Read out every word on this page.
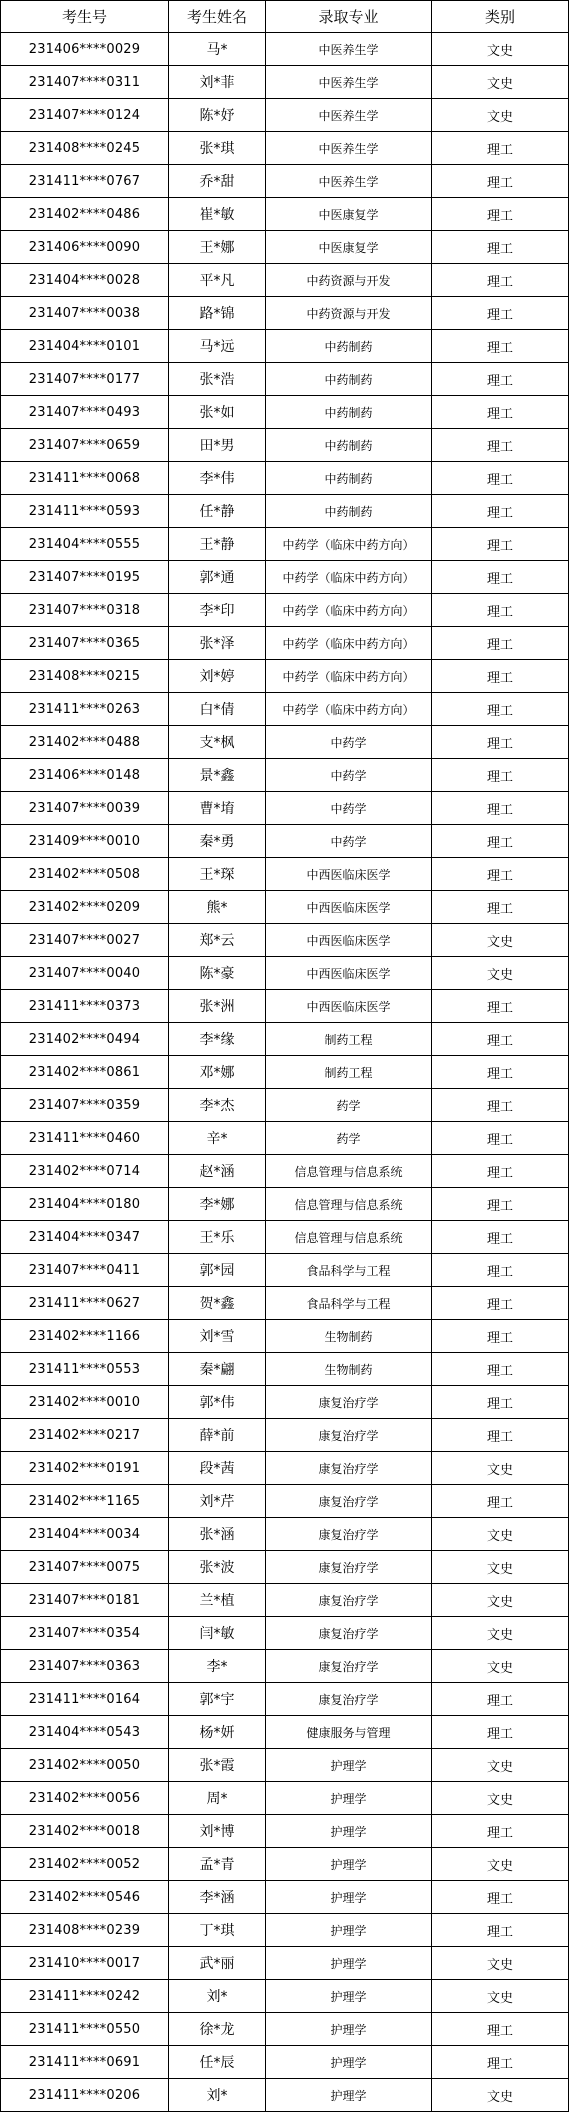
考生号	考生姓名	录取专业	类别
231406****0029	马*	中医养生学	文史
231407****0311	刘*菲	中医养生学	文史
231407****0124	陈*妤	中医养生学	文史
231408****0245	张*琪	中医养生学	理工
231411****0767	乔*甜	中医养生学	理工
231402****0486	崔*敏	中医康复学	理工
231406****0090	王*娜	中医康复学	理工
231404****0028	平*凡	中药资源与开发	理工
231407****0038	路*锦	中药资源与开发	理工
231404****0101	马*远	中药制药	理工
231407****0177	张*浩	中药制药	理工
231407****0493	张*如	中药制药	理工
231407****0659	田*男	中药制药	理工
231411****0068	李*伟	中药制药	理工
231411****0593	任*静	中药制药	理工
231404****0555	王*静	中药学（临床中药方向）	理工
231407****0195	郭*通	中药学（临床中药方向）	理工
231407****0318	李*印	中药学（临床中药方向）	理工
231407****0365	张*泽	中药学（临床中药方向）	理工
231408****0215	刘*婷	中药学（临床中药方向）	理工
231411****0263	白*倩	中药学（临床中药方向）	理工
231402****0488	支*枫	中药学	理工
231406****0148	景*鑫	中药学	理工
231407****0039	曹*堉	中药学	理工
231409****0010	秦*勇	中药学	理工
231402****0508	王*琛	中西医临床医学	理工
231402****0209	熊*	中西医临床医学	理工
231407****0027	郑*云	中西医临床医学	文史
231407****0040	陈*豪	中西医临床医学	文史
231411****0373	张*洲	中西医临床医学	理工
231402****0494	李*缘	制药工程	理工
231402****0861	邓*娜	制药工程	理工
231407****0359	李*杰	药学	理工
231411****0460	辛*	药学	理工
231402****0714	赵*涵	信息管理与信息系统	理工
231404****0180	李*娜	信息管理与信息系统	理工
231404****0347	王*乐	信息管理与信息系统	理工
231407****0411	郭*园	食品科学与工程	理工
231411****0627	贺*鑫	食品科学与工程	理工
231402****1166	刘*雪	生物制药	理工
231411****0553	秦*翩	生物制药	理工
231402****0010	郭*伟	康复治疗学	理工
231402****0217	薛*前	康复治疗学	理工
231402****0191	段*茜	康复治疗学	文史
231402****1165	刘*芹	康复治疗学	理工
231404****0034	张*涵	康复治疗学	文史
231407****0075	张*波	康复治疗学	文史
231407****0181	兰*植	康复治疗学	文史
231407****0354	闫*敏	康复治疗学	文史
231407****0363	李*	康复治疗学	文史
231411****0164	郭*宇	康复治疗学	理工
231404****0543	杨*妍	健康服务与管理	理工
231402****0050	张*霞	护理学	文史
231402****0056	周*	护理学	文史
231402****0018	刘*博	护理学	理工
231402****0052	孟*青	护理学	文史
231402****0546	李*涵	护理学	理工
231408****0239	丁*琪	护理学	理工
231410****0017	武*丽	护理学	文史
231411****0242	刘*	护理学	文史
231411****0550	徐*龙	护理学	理工
231411****0691	任*辰	护理学	理工
231411****0206	刘*	护理学	文史
